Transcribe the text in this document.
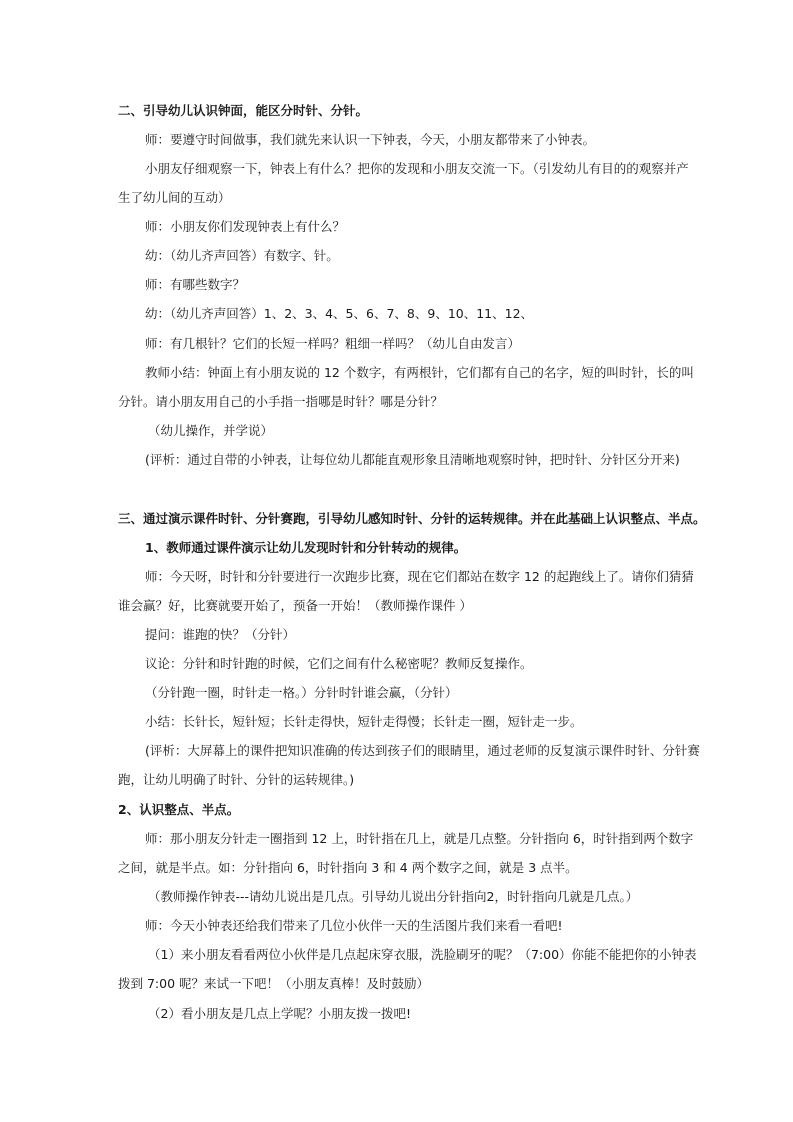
二、引导幼儿认识钟面，能区分时针、分针。
师：要遵守时间做事，我们就先来认识一下钟表，今天，小朋友都带来了小钟表。
小朋友仔细观察一下，钟表上有什么？把你的发现和小朋友交流一下。（引发幼儿有目的的观察并产
生了幼儿间的互动）
师：小朋友你们发现钟表上有什么？
幼：（幼儿齐声回答）有数字、针。
师：有哪些数字？
幼：（幼儿齐声回答）1、2、3、4、5、6、7、8、9、10、11、12、
师：有几根针？它们的长短一样吗？粗细一样吗？（幼儿自由发言）
教师小结：钟面上有小朋友说的 12 个数字，有两根针，它们都有自己的名字，短的叫时针，长的叫
分针。请小朋友用自己的小手指一指哪是时针？哪是分针？
（幼儿操作，并学说）
(评析：通过自带的小钟表，让每位幼儿都能直观形象且清晰地观察时钟，把时针、分针区分开来)
三、通过演示课件时针、分针赛跑，引导幼儿感知时针、分针的运转规律。并在此基础上认识整点、半点。
1、教师通过课件演示让幼儿发现时针和分针转动的规律。
师：今天呀，时针和分针要进行一次跑步比赛，现在它们都站在数字 12 的起跑线上了。请你们猜猜
谁会赢？好，比赛就要开始了，预备一开始！（教师操作课件 ）
提问：谁跑的快？（分针）
议论：分针和时针跑的时候，它们之间有什么秘密呢？教师反复操作。
（分针跑一圈，时针走一格。）分针时针谁会赢，（分针）
小结：长针长，短针短；长针走得快，短针走得慢；长针走一圈，短针走一步。
(评析：大屏幕上的课件把知识准确的传达到孩子们的眼睛里，通过老师的反复演示课件时针、分针赛
跑，让幼儿明确了时针、分针的运转规律。)
2、认识整点、半点。
师：那小朋友分针走一圈指到 12 上，时针指在几上，就是几点整。分针指向 6，时针指到两个数字
之间，就是半点。如：分针指向 6，时针指向 3 和 4 两个数字之间，就是 3 点半。
（教师操作钟表---请幼儿说出是几点。引导幼儿说出分针指向2，时针指向几就是几点。）
师：今天小钟表还给我们带来了几位小伙伴一天的生活图片我们来看一看吧!
（1）来小朋友看看两位小伙伴是几点起床穿衣服，洗脸刷牙的呢？（7:00）你能不能把你的小钟表
拨到 7:00 呢？来试一下吧！（小朋友真棒！及时鼓励）
（2）看小朋友是几点上学呢？小朋友拨一拨吧!
